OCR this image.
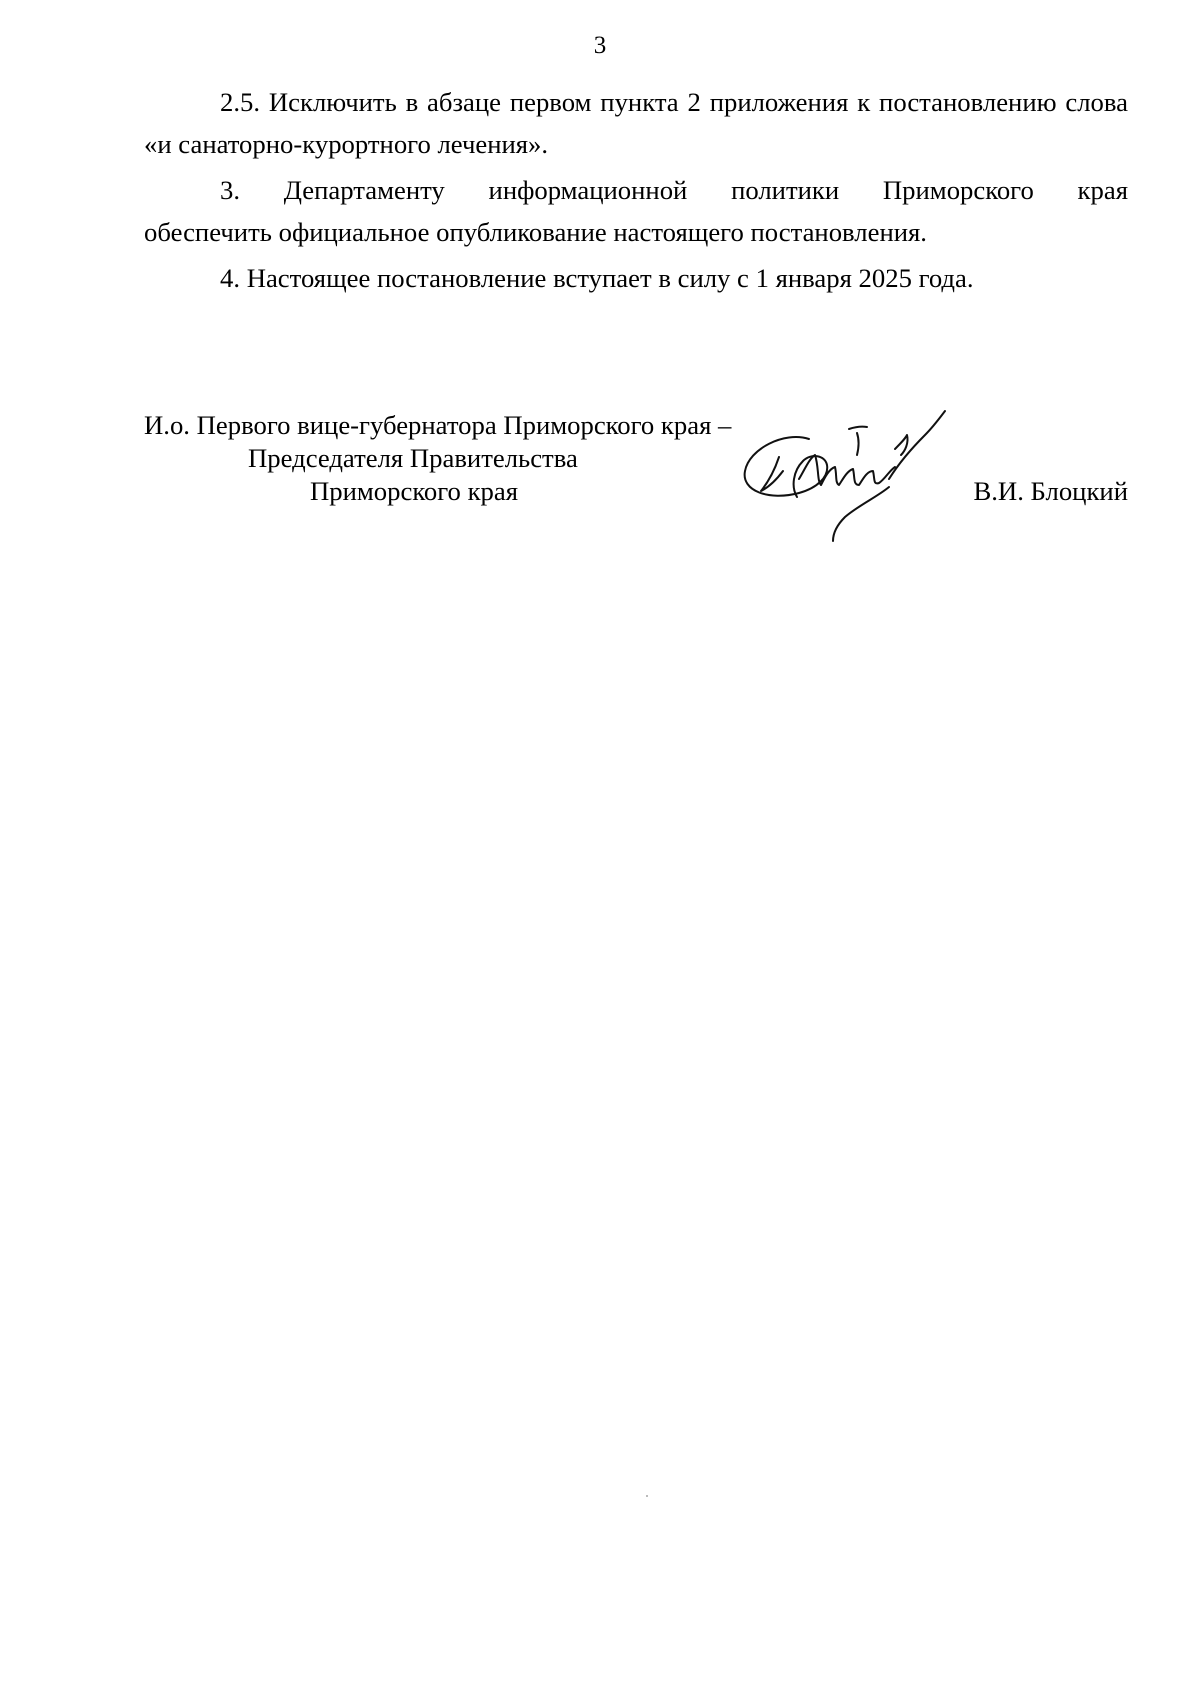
3

2.5. Исключить в абзаце первом пункта 2 приложения к постановлению слова «и санаторно-курортного лечения».

3. Департаменту информационной политики Приморского края

обеспечить официальное опубликование настоящего постановления.

4. Настоящее постановление вступает в силу с 1 января 2025 года.

И.о. Первого вице-губернатора Приморского края –
Председателя Правительства
Приморского края	В.И. Блоцкий
